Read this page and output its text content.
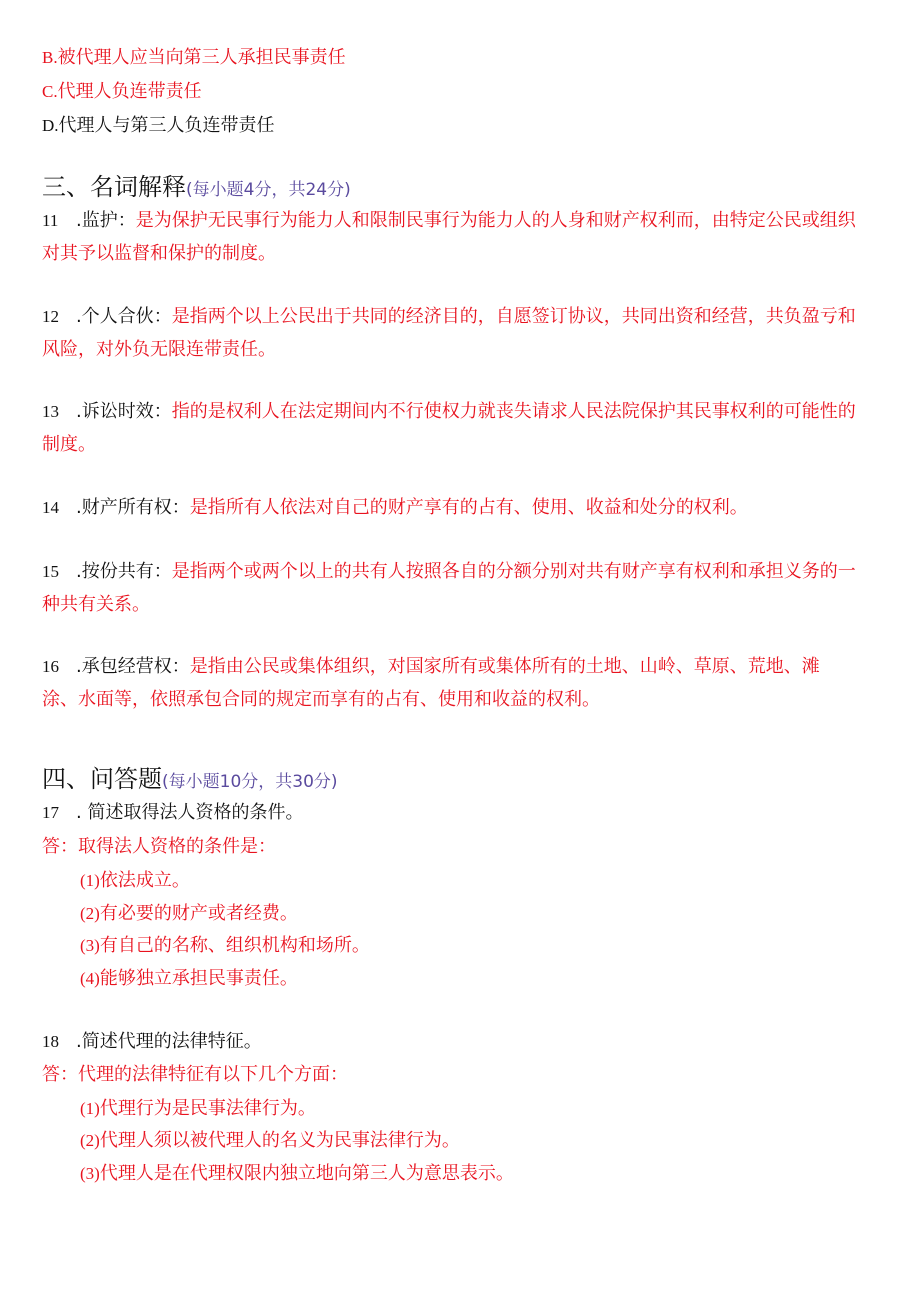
B.被代理人应当向第三人承担民事责任
C.代理人负连带责任
D.代理人与第三人负连带责任
三、名词解释(每小题4分，共24分)
11 .监护：是为保护无民事行为能力人和限制民事行为能力人的人身和财产权利而，由特定公民或组织
对其予以监督和保护的制度。
12 .个人合伙：是指两个以上公民出于共同的经济目的，自愿签订协议，共同出资和经营，共负盈亏和
风险，对外负无限连带责任。
13 .诉讼时效：指的是权利人在法定期间内不行使权力就丧失请求人民法院保护其民事权利的可能性的
制度。
14 .财产所有权：是指所有人依法对自己的财产享有的占有、使用、收益和处分的权利。
15 .按份共有：是指两个或两个以上的共有人按照各自的分额分别对共有财产享有权利和承担义务的一
种共有关系。
16 .承包经营权：是指由公民或集体组织，对国家所有或集体所有的土地、山岭、草原、荒地、滩
涂、水面等，依照承包合同的规定而享有的占有、使用和收益的权利。
四、问答题(每小题10分，共30分)
17 . 简述取得法人资格的条件。
答：取得法人资格的条件是：
(1)依法成立。
(2)有必要的财产或者经费。
(3)有自己的名称、组织机构和场所。
(4)能够独立承担民事责任。
18 .简述代理的法律特征。
答：代理的法律特征有以下几个方面：
(1)代理行为是民事法律行为。
(2)代理人须以被代理人的名义为民事法律行为。
(3)代理人是在代理权限内独立地向第三人为意思表示。
